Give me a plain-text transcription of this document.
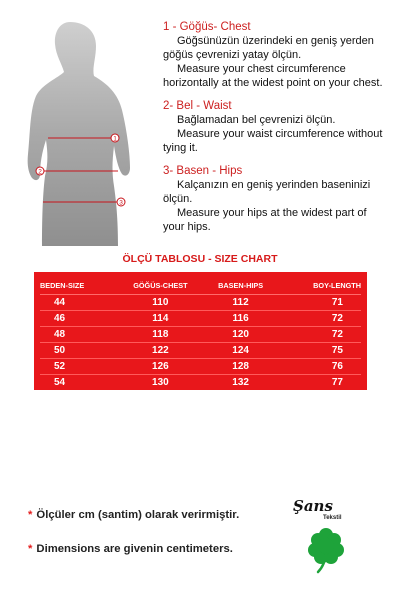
1
2
3
1 - Göğüs- Chest
Göğsünüzün üzerindeki en geniş yerden
göğüs çevrenizi yatay ölçün.
Measure your chest circumference
horizontally at the widest point on your chest.
2- Bel - Waist
Bağlamadan bel çevrenizi ölçün.
Measure your waist circumference without
tying it.
3- Basen - Hips
Kalçanızın en geniş yerinden baseninizi
ölçün.
Measure your hips at the widest part of
your hips.
ÖLÇÜ TABLOSU - SIZE CHART
BEDEN-SIZE	GÖĞÜS-CHEST	BASEN-HIPS	BOY-LENGTH
44	110	112	71
46	114	116	72
48	118	120	72
50	122	124	75
52	126	128	76
54	130	132	77
* Ölçüler cm (santim) olarak verirmiştir.
* Dimensions are givenin centimeters.
Şans
Tekstil
